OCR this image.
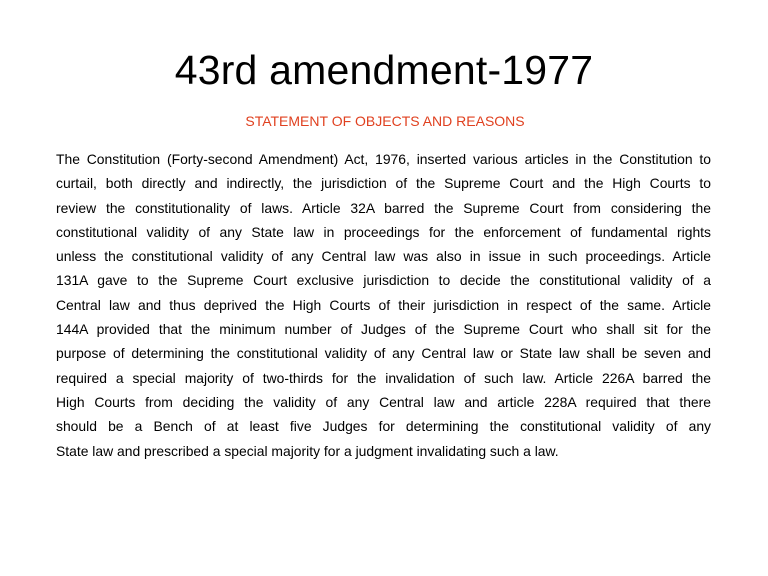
43rd amendment-1977

STATEMENT OF OBJECTS AND REASONS

The Constitution (Forty-second Amendment) Act, 1976, inserted various articles in the Constitution to
curtail, both directly and indirectly, the jurisdiction of the Supreme Court and the High Courts to
review the constitutionality of laws. Article 32A barred the Supreme Court from considering the
constitutional validity of any State law in proceedings for the enforcement of fundamental rights
unless the constitutional validity of any Central law was also in issue in such proceedings. Article
131A gave to the Supreme Court exclusive jurisdiction to decide the constitutional validity of a
Central law and thus deprived the High Courts of their jurisdiction in respect of the same. Article
144A provided that the minimum number of Judges of the Supreme Court who shall sit for the
purpose of determining the constitutional validity of any Central law or State law shall be seven and
required a special majority of two-thirds for the invalidation of such law. Article 226A barred the
High Courts from deciding the validity of any Central law and article 228A required that there
should be a Bench of at least five Judges for determining the constitutional validity of any
State law and prescribed a special majority for a judgment invalidating such a law.
